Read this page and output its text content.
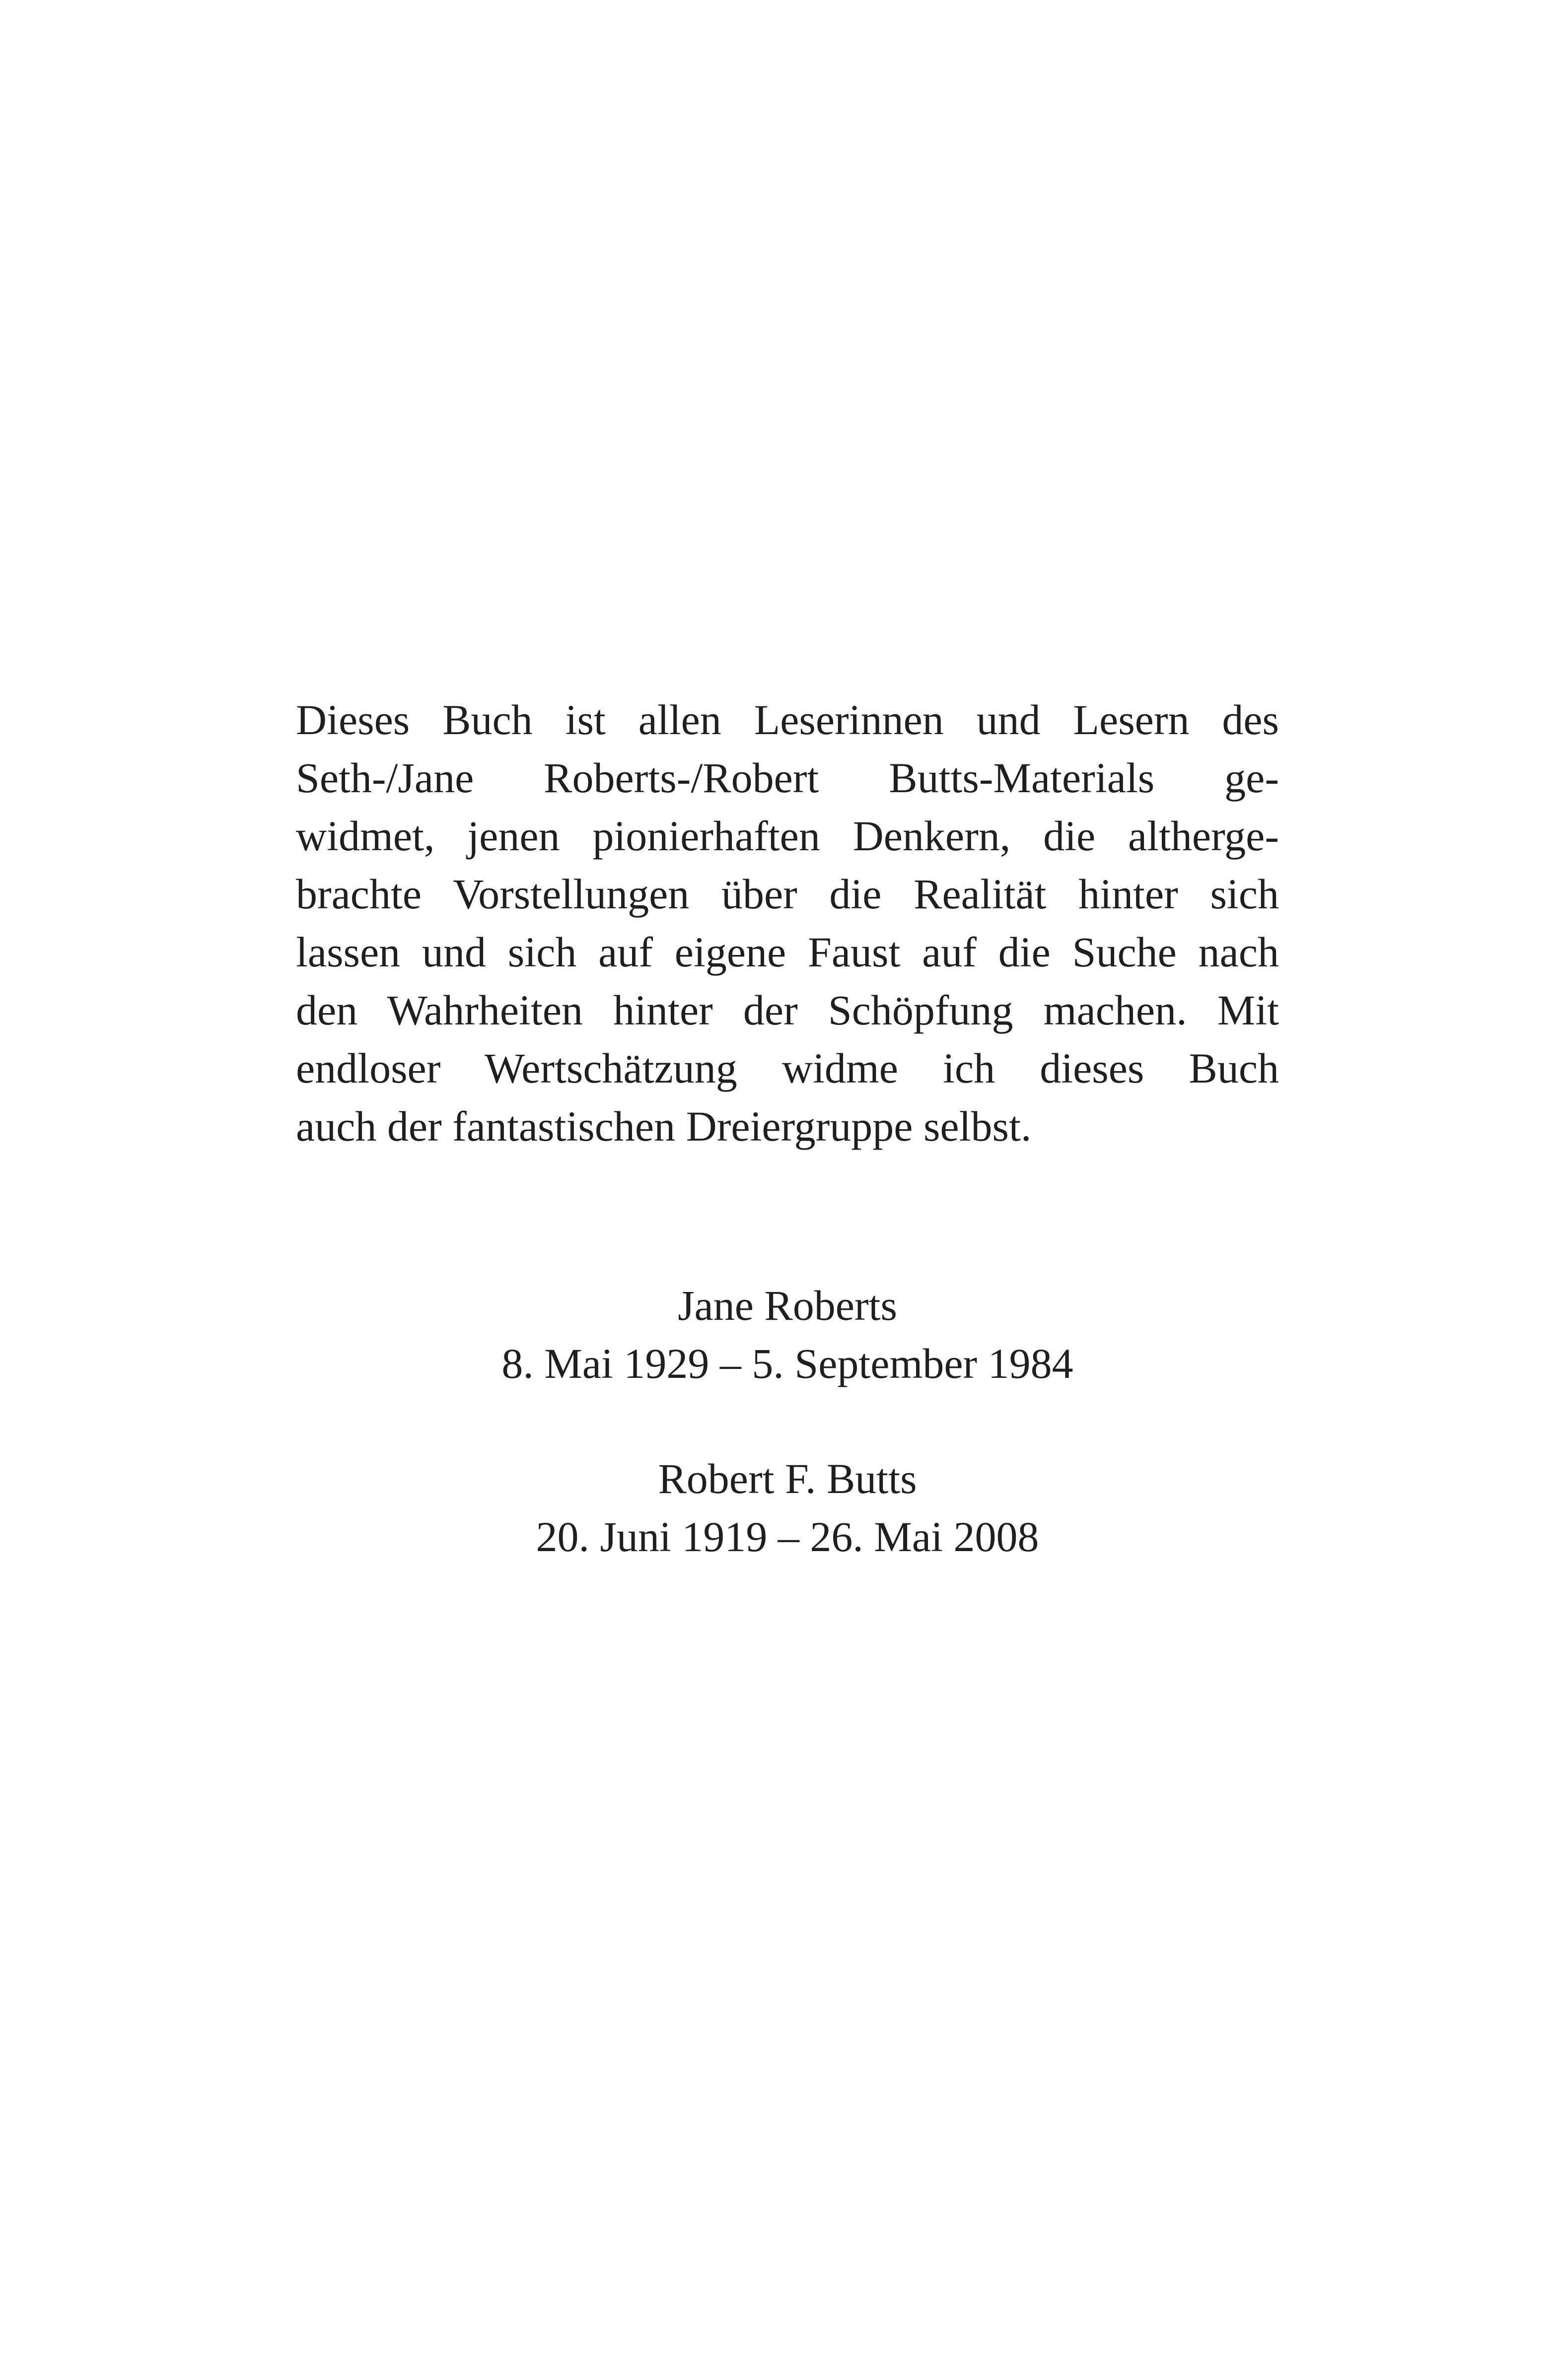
Dieses Buch ist allen Leserinnen und Lesern des
Seth-/Jane Roberts-/Robert Butts-Materials ge-
widmet, jenen pionierhaften Denkern, die altherge-
brachte Vorstellungen über die Realität hinter sich
lassen und sich auf eigene Faust auf die Suche nach
den Wahrheiten hinter der Schöpfung machen. Mit
endloser Wertschätzung widme ich dieses Buch
auch der fantastischen Dreiergruppe selbst.
Jane Roberts
8. Mai 1929 – 5. September 1984
Robert F. Butts
20. Juni 1919 – 26. Mai 2008
